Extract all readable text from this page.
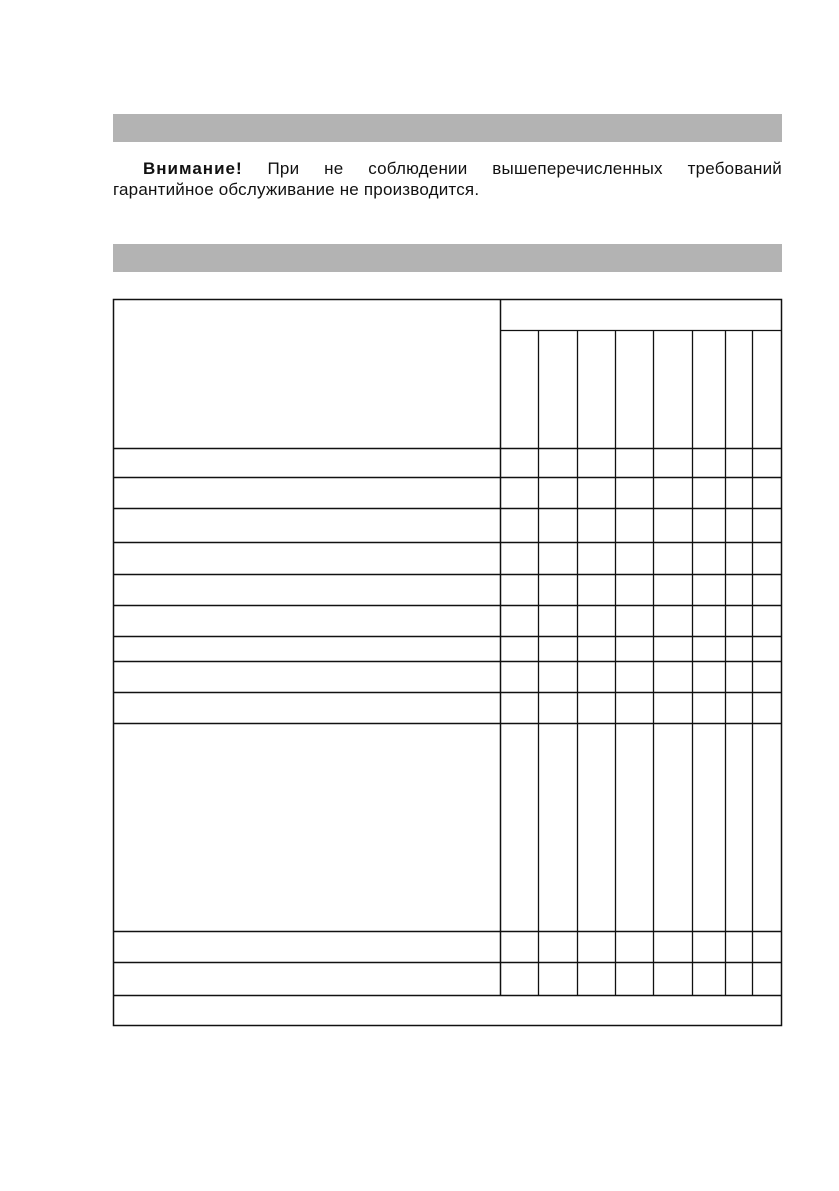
Внимание! При не соблюдении вышеперечисленных требований гарантийное обслуживание не производится.
